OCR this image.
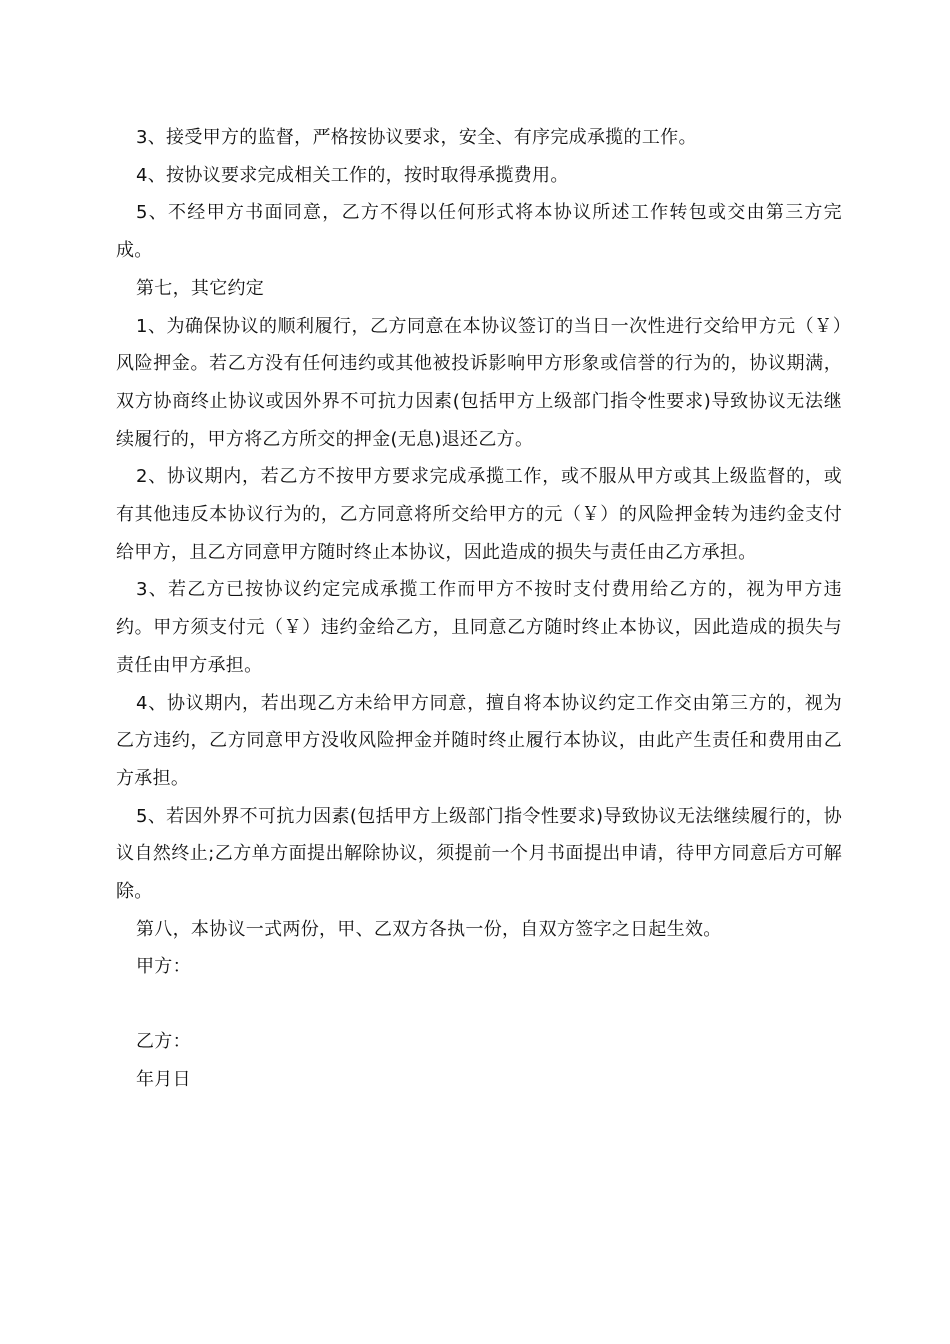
3、接受甲方的监督，严格按协议要求，安全、有序完成承揽的工作。

4、按协议要求完成相关工作的，按时取得承揽费用。

5、不经甲方书面同意，乙方不得以任何形式将本协议所述工作转包或交由第三方完成。

第七，其它约定

1、为确保协议的顺利履行，乙方同意在本协议签订的当日一次性进行交给甲方元（￥）风险押金。若乙方没有任何违约或其他被投诉影响甲方形象或信誉的行为的，协议期满，双方协商终止协议或因外界不可抗力因素(包括甲方上级部门指令性要求)导致协议无法继续履行的，甲方将乙方所交的押金(无息)退还乙方。

2、协议期内，若乙方不按甲方要求完成承揽工作，或不服从甲方或其上级监督的，或有其他违反本协议行为的，乙方同意将所交给甲方的元（￥）的风险押金转为违约金支付给甲方，且乙方同意甲方随时终止本协议，因此造成的损失与责任由乙方承担。

3、若乙方已按协议约定完成承揽工作而甲方不按时支付费用给乙方的，视为甲方违约。甲方须支付元（￥）违约金给乙方，且同意乙方随时终止本协议，因此造成的损失与责任由甲方承担。

4、协议期内，若出现乙方未给甲方同意，擅自将本协议约定工作交由第三方的，视为乙方违约，乙方同意甲方没收风险押金并随时终止履行本协议，由此产生责任和费用由乙方承担。

5、若因外界不可抗力因素(包括甲方上级部门指令性要求)导致协议无法继续履行的，协议自然终止;乙方单方面提出解除协议，须提前一个月书面提出申请，待甲方同意后方可解除。

第八，本协议一式两份，甲、乙双方各执一份，自双方签字之日起生效。

甲方：

乙方：

年月日
